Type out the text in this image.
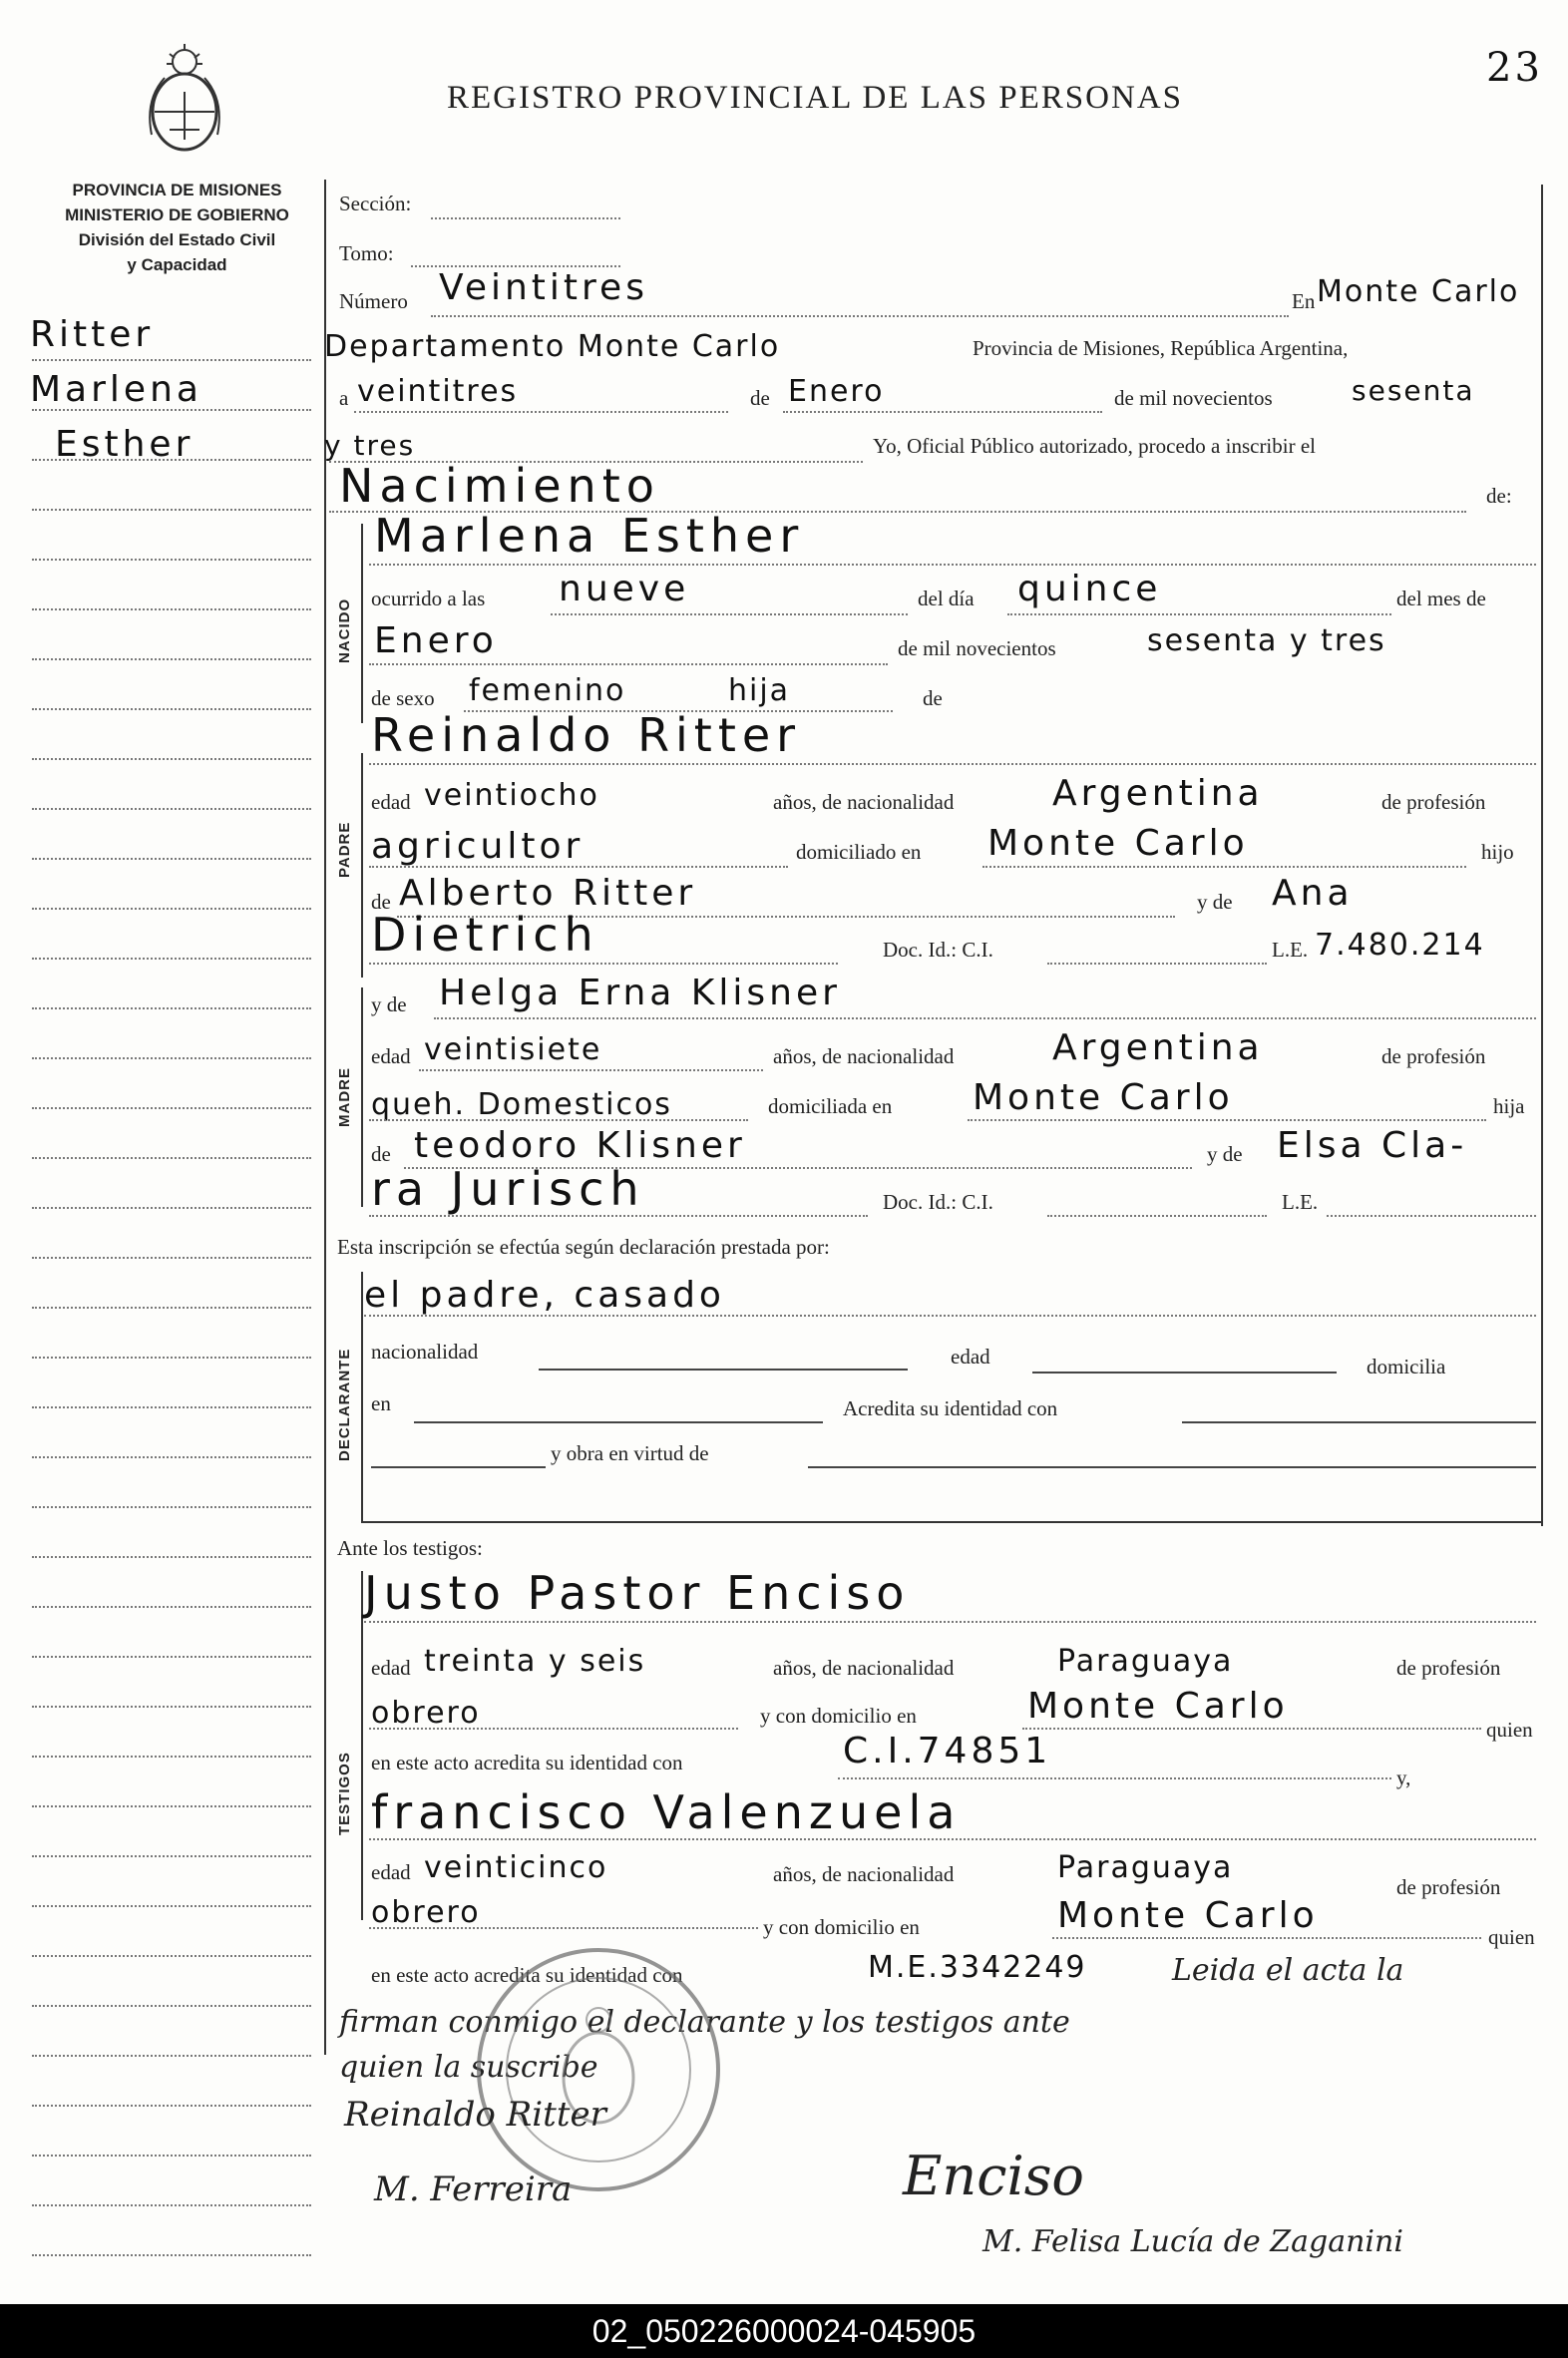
REGISTRO PROVINCIAL DE LAS PERSONAS
23
PROVINCIA DE MISIONES
MINISTERIO DE GOBIERNO
División del Estado Civil
y Capacidad
Ritter
Marlena
Esther
NACIDO
PADRE
MADRE
DECLARANTE
TESTIGOS
Sección:
Tomo:
Número Veintitres	En Monte Carlo
Departamento Monte Carlo	Provincia de Misiones, República Argentina,
a veintitres	de Enero	de mil novecientos	sesenta
y tres	Yo, Oficial Público autorizado, procedo a inscribir el
Nacimiento	de:
Marlena Esther
ocurrido a las nueve	del día quince	del mes de
Enero	de mil novecientos	sesenta y tres
de sexo femenino	hija	de
Reinaldo Ritter
edad veintiocho	años, de nacionalidad	Argentina	de profesión
agricultor	domiciliado en Monte Carlo	hijo
de Alberto Ritter	y de Ana
Dietrich	Doc. Id.: C.I.	L.E. 7.480.214
y de Helga Erna Klisner
edad veintisiete	años, de nacionalidad	Argentina	de profesión
queh. Domesticos	domiciliada en Monte Carlo	hija
de teodoro Klisner	y de Elsa Cla-
ra Jurisch	Doc. Id.: C.I.	L.E.
Esta inscripción se efectúa según declaración prestada por:
el padre, casado
nacionalidad	edad	domicilia
en	Acredita su identidad con
y obra en virtud de
Ante los testigos:
Justo Pastor Enciso
edad treinta y seis	años, de nacionalidad	Paraguaya	de profesión
obrero	y con domicilio en	Monte Carlo
quien
en este acto acredita su identidad con	C.I.74851
y,
francisco Valenzuela
edad veinticinco	años, de nacionalidad	Paraguaya
de profesión
obrero	y con domicilio en	Monte Carlo
quien
en este acto acredita su identidad con	M.E.3342249	Leida el acta la
firman conmigo el declarante y los testigos ante
quien la suscribe
Reinaldo Ritter
Enciso
M. Ferreira
M. Felisa Lucía de Zaganini
02_050226000024-045905
